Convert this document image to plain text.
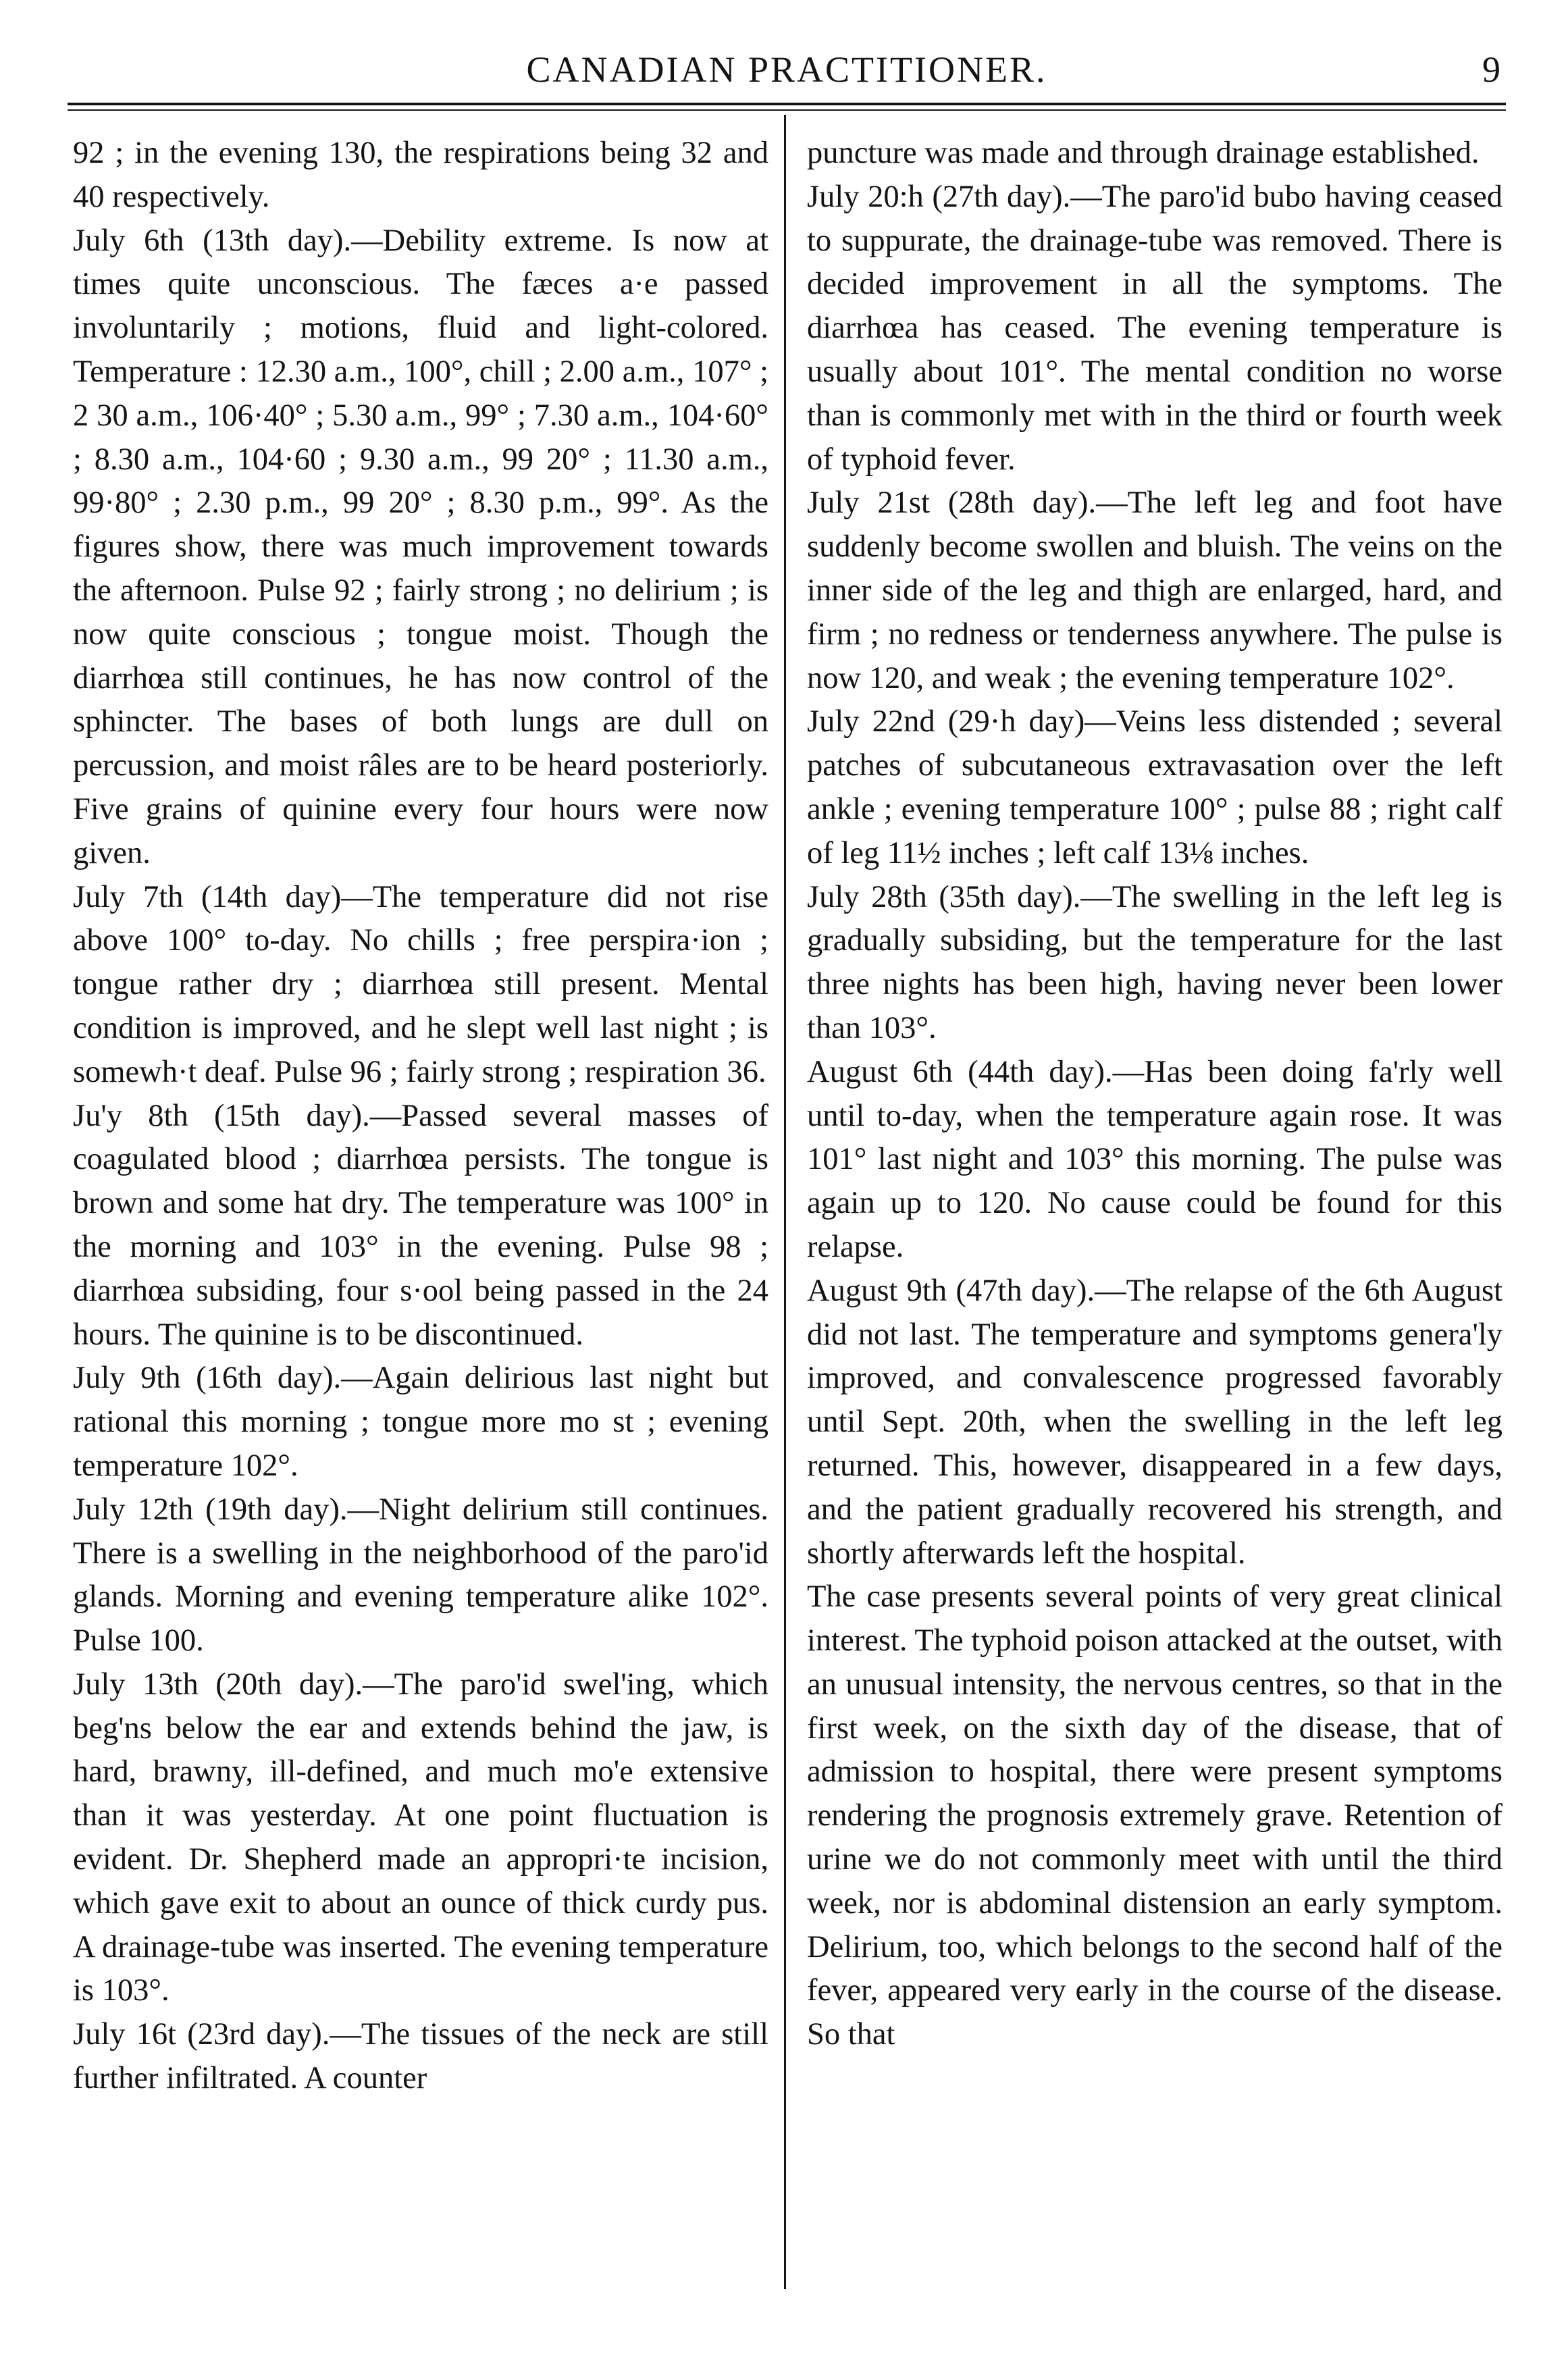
CANADIAN PRACTITIONER.	9

92 ; in the evening 130, the respirations being 32 and 40 respectively.

July 6th (13th day).—Debility extreme. Is now at times quite unconscious. The fæces a·e passed involuntarily ; motions, fluid and light-colored. Temperature : 12.30 a.m., 100°, chill ; 2.00 a.m., 107° ; 2 30 a.m., 106·40° ; 5.30 a.m., 99° ; 7.30 a.m., 104·60° ; 8.30 a.m., 104·60 ; 9.30 a.m., 99 20° ; 11.30 a.m., 99·80° ; 2.30 p.m., 99 20° ; 8.30 p.m., 99°. As the figures show, there was much improvement towards the afternoon. Pulse 92 ; fairly strong ; no delirium ; is now quite conscious ; tongue moist. Though the diarrhœa still continues, he has now control of the sphincter. The bases of both lungs are dull on percussion, and moist râles are to be heard posteriorly. Five grains of quinine every four hours were now given.

July 7th (14th day)—The temperature did not rise above 100° to-day. No chills ; free perspira·ion ; tongue rather dry ; diarrhœa still present. Mental condition is improved, and he slept well last night ; is somewh·t deaf. Pulse 96 ; fairly strong ; respiration 36.

Ju'y 8th (15th day).—Passed several masses of coagulated blood ; diarrhœa persists. The tongue is brown and some hat dry. The temperature was 100° in the morning and 103° in the evening. Pulse 98 ; diarrhœa subsiding, four s·ool being passed in the 24 hours. The quinine is to be discontinued.

July 9th (16th day).—Again delirious last night but rational this morning ; tongue more mo st ; evening temperature 102°.

July 12th (19th day).—Night delirium still continues. There is a swelling in the neighborhood of the paro'id glands. Morning and evening temperature alike 102°. Pulse 100.

July 13th (20th day).—The paro'id swel'ing, which beg'ns below the ear and extends behind the jaw, is hard, brawny, ill-defined, and much mo'e extensive than it was yesterday. At one point fluctuation is evident. Dr. Shepherd made an appropri·te incision, which gave exit to about an ounce of thick curdy pus. A drainage-tube was inserted. The evening temperature is 103°.

July 16t (23rd day).—The tissues of the neck are still further infiltrated. A counter

puncture was made and through drainage established.

July 20:h (27th day).—The paro'id bubo having ceased to suppurate, the drainage-tube was removed. There is decided improvement in all the symptoms. The diarrhœa has ceased. The evening temperature is usually about 101°. The mental condition no worse than is commonly met with in the third or fourth week of typhoid fever.

July 21st (28th day).—The left leg and foot have suddenly become swollen and bluish. The veins on the inner side of the leg and thigh are enlarged, hard, and firm ; no redness or tenderness anywhere. The pulse is now 120, and weak ; the evening temperature 102°.

July 22nd (29·h day)—Veins less distended ; several patches of subcutaneous extravasation over the left ankle ; evening temperature 100° ; pulse 88 ; right calf of leg 11½ inches ; left calf 13⅛ inches.

July 28th (35th day).—The swelling in the left leg is gradually subsiding, but the temperature for the last three nights has been high, having never been lower than 103°.

August 6th (44th day).—Has been doing fa'rly well until to-day, when the temperature again rose. It was 101° last night and 103° this morning. The pulse was again up to 120. No cause could be found for this relapse.

August 9th (47th day).—The relapse of the 6th August did not last. The temperature and symptoms genera'ly improved, and convalescence progressed favorably until Sept. 20th, when the swelling in the left leg returned. This, however, disappeared in a few days, and the patient gradually recovered his strength, and shortly afterwards left the hospital.

The case presents several points of very great clinical interest. The typhoid poison attacked at the outset, with an unusual intensity, the nervous centres, so that in the first week, on the sixth day of the disease, that of admission to hospital, there were present symptoms rendering the prognosis extremely grave. Retention of urine we do not commonly meet with until the third week, nor is abdominal distension an early symptom. Delirium, too, which belongs to the second half of the fever, appeared very early in the course of the disease. So that
